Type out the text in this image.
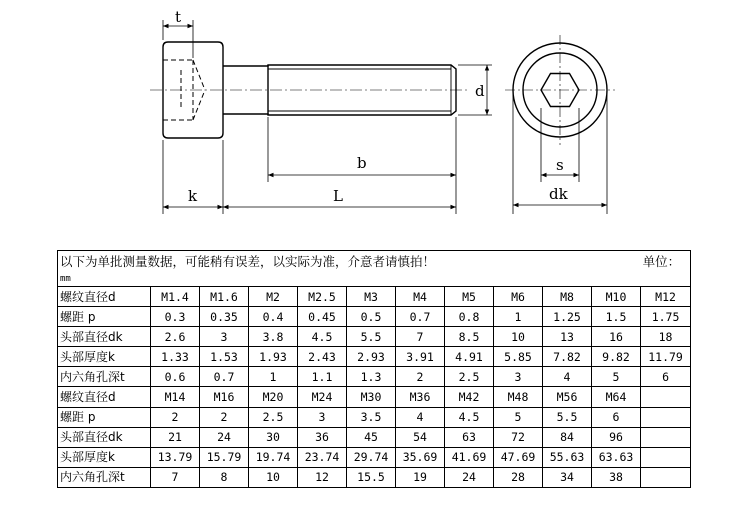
t
d
b
k	L
s
dk
以下为单批测量数据，可能稍有误差，以实际为准，介意者请慎拍！ 单位：											

mm											
螺纹直径d	M1.4	M1.6	M2	M2.5	M3	M4	M5	M6	M8	M10	M12
螺距 p	0.3	0.35	0.4	0.45	0.5	0.7	0.8	1	1.25	1.5	1.75
头部直径dk	2.6	3	3.8	4.5	5.5	7	8.5	10	13	16	18
头部厚度k	1.33	1.53	1.93	2.43	2.93	3.91	4.91	5.85	7.82	9.82	11.79
内六角孔深t	0.6	0.7	1	1.1	1.3	2	2.5	3	4	5	6
螺纹直径d	M14	M16	M20	M24	M30	M36	M42	M48	M56	M64	
螺距 p	2	2	2.5	3	3.5	4	4.5	5	5.5	6	
头部直径dk	21	24	30	36	45	54	63	72	84	96	
头部厚度k	13.79	15.79	19.74	23.74	29.74	35.69	41.69	47.69	55.63	63.63	
内六角孔深t	7	8	10	12	15.5	19	24	28	34	38	
